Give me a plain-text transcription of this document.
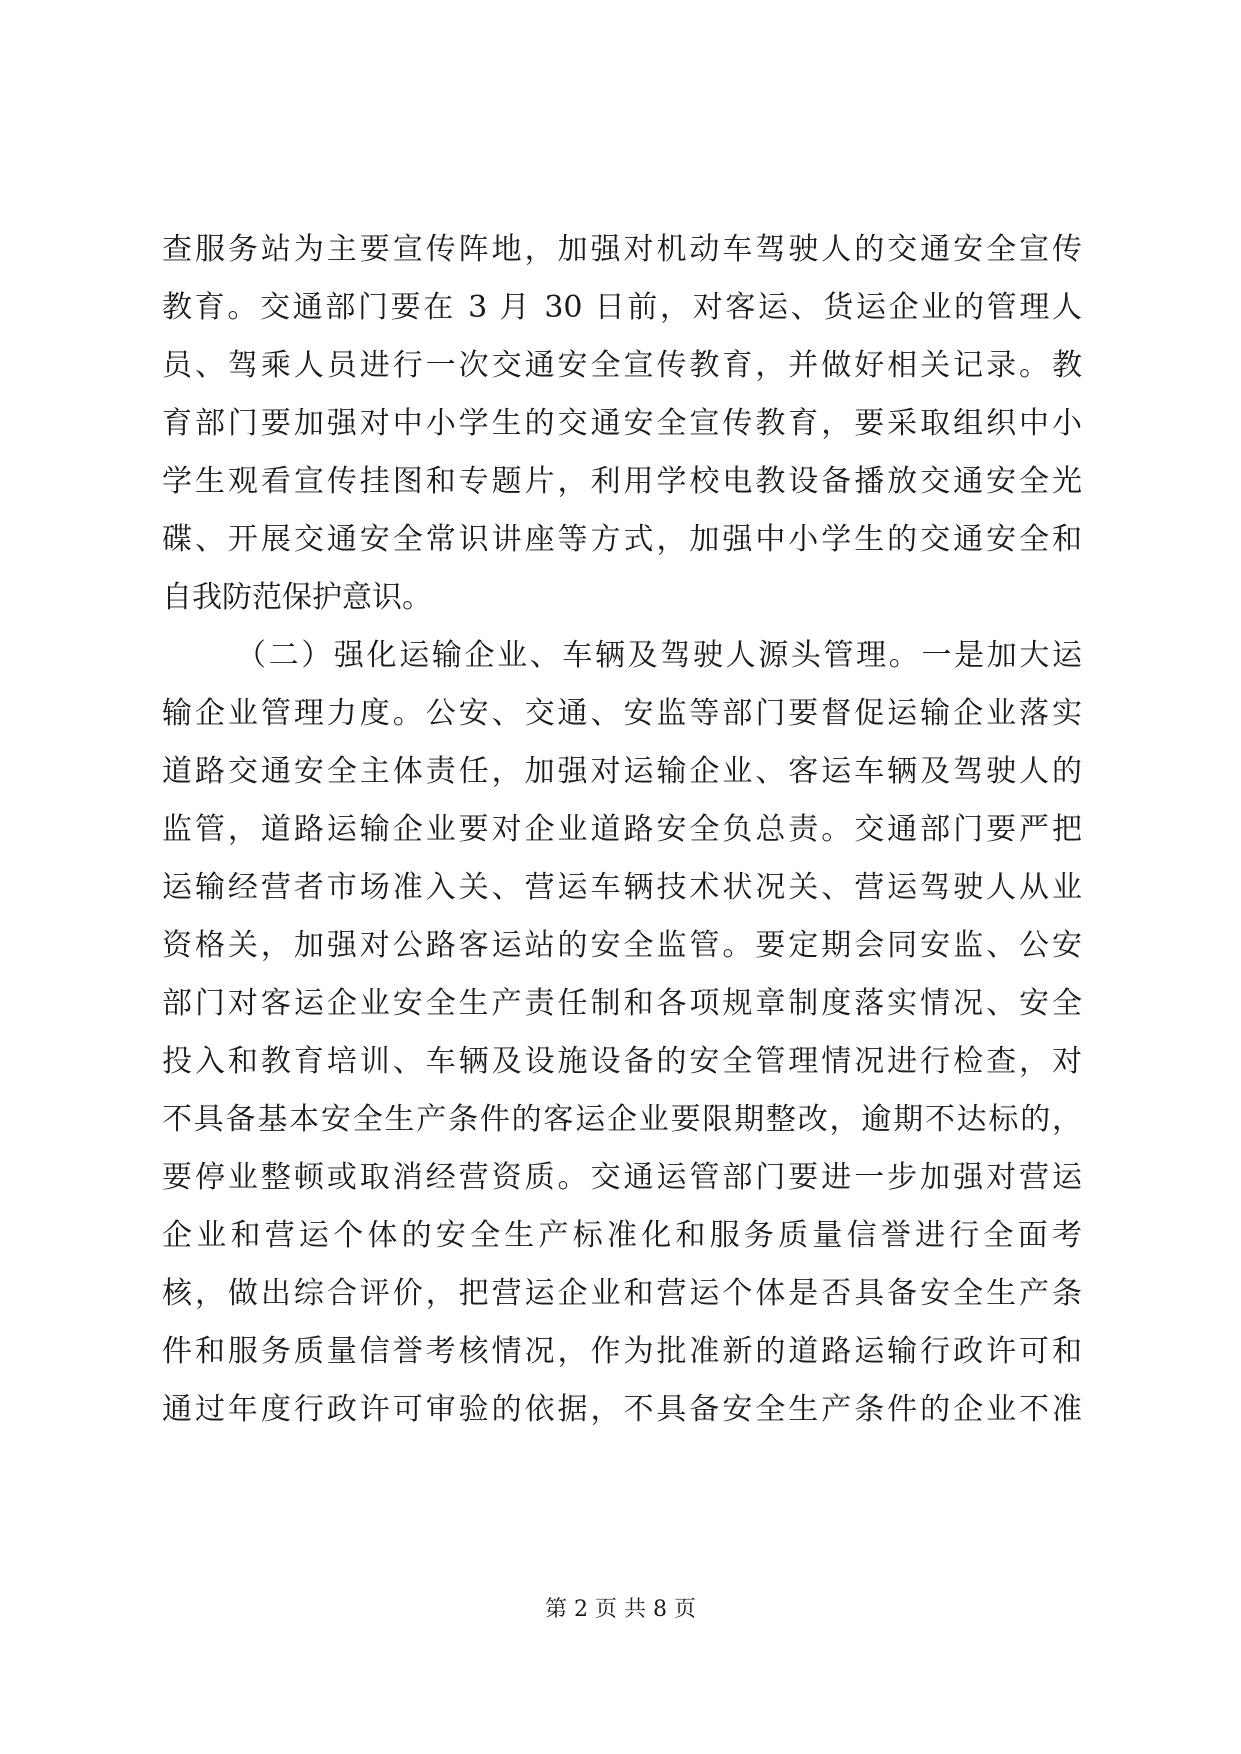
查服务站为主要宣传阵地，加强对机动车驾驶人的交通安全宣传
教育。交通部门要在 3 月 30 日前，对客运、货运企业的管理人
员、驾乘人员进行一次交通安全宣传教育，并做好相关记录。教
育部门要加强对中小学生的交通安全宣传教育，要采取组织中小
学生观看宣传挂图和专题片，利用学校电教设备播放交通安全光
碟、开展交通安全常识讲座等方式，加强中小学生的交通安全和
自我防范保护意识。
（二）强化运输企业、车辆及驾驶人源头管理。一是加大运
输企业管理力度。公安、交通、安监等部门要督促运输企业落实
道路交通安全主体责任，加强对运输企业、客运车辆及驾驶人的
监管，道路运输企业要对企业道路安全负总责。交通部门要严把
运输经营者市场准入关、营运车辆技术状况关、营运驾驶人从业
资格关，加强对公路客运站的安全监管。要定期会同安监、公安
部门对客运企业安全生产责任制和各项规章制度落实情况、安全
投入和教育培训、车辆及设施设备的安全管理情况进行检查，对
不具备基本安全生产条件的客运企业要限期整改，逾期不达标的，
要停业整顿或取消经营资质。交通运管部门要进一步加强对营运
企业和营运个体的安全生产标准化和服务质量信誉进行全面考
核，做出综合评价，把营运企业和营运个体是否具备安全生产条
件和服务质量信誉考核情况，作为批准新的道路运输行政许可和
通过年度行政许可审验的依据，不具备安全生产条件的企业不准
第 2 页 共 8 页
